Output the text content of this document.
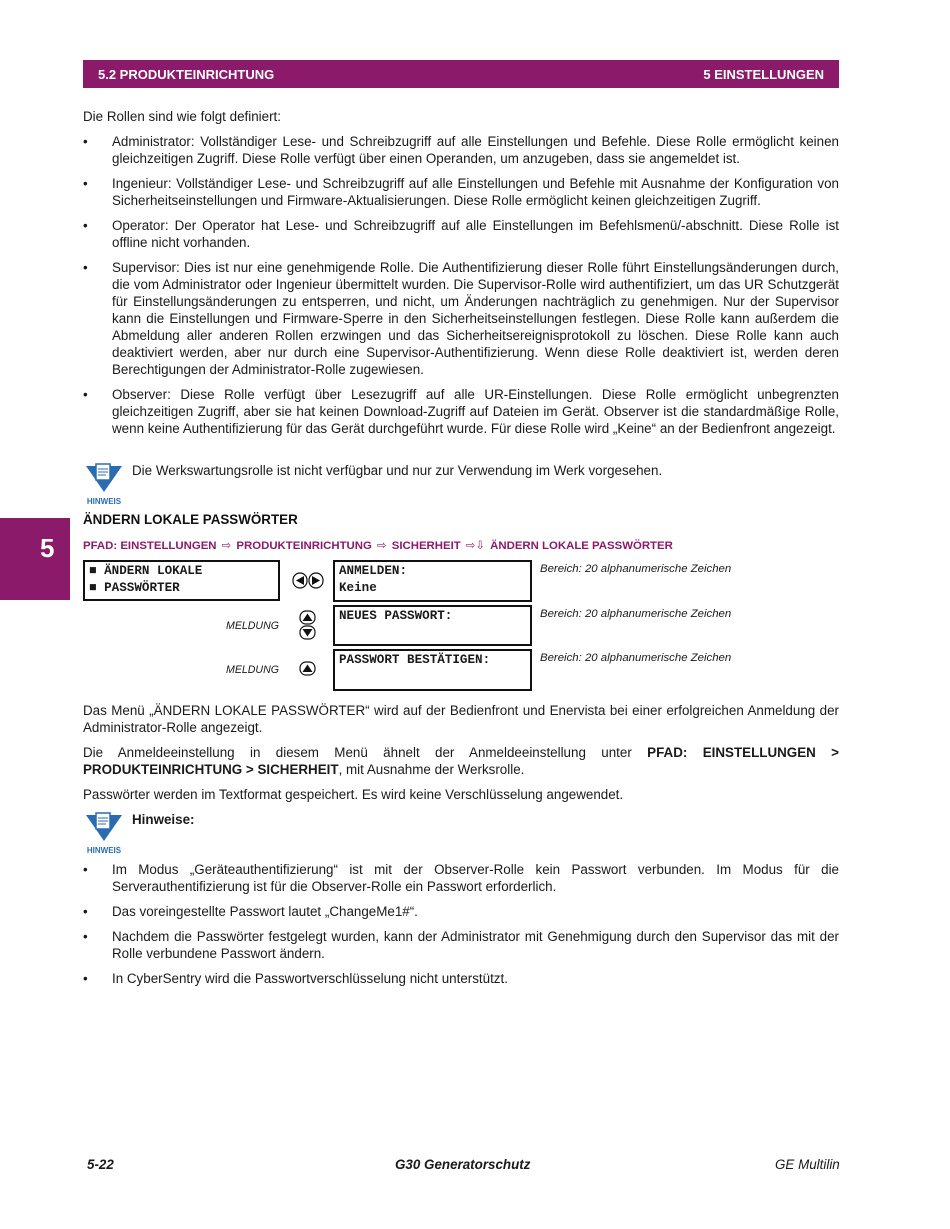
5.2 PRODUKTEINRICHTUNG	5 EINSTELLUNGEN
5
Die Rollen sind wie folgt definiert:
• Administrator: Vollständiger Lese- und Schreibzugriff auf alle Einstellungen und Befehle. Diese Rolle ermöglicht keinen gleichzeitigen Zugriff. Diese Rolle verfügt über einen Operanden, um anzugeben, dass sie angemeldet ist.
• Ingenieur: Vollständiger Lese- und Schreibzugriff auf alle Einstellungen und Befehle mit Ausnahme der Konfiguration von Sicherheitseinstellungen und Firmware-Aktualisierungen. Diese Rolle ermöglicht keinen gleichzeitigen Zugriff.
• Operator: Der Operator hat Lese- und Schreibzugriff auf alle Einstellungen im Befehlsmenü/-abschnitt. Diese Rolle ist offline nicht vorhanden.
• Supervisor: Dies ist nur eine genehmigende Rolle. Die Authentifizierung dieser Rolle führt Einstellungsänderungen durch, die vom Administrator oder Ingenieur übermittelt wurden. Die Supervisor-Rolle wird authentifiziert, um das UR Schutzgerät für Einstellungsänderungen zu entsperren, und nicht, um Änderungen nachträglich zu genehmigen. Nur der Supervisor kann die Einstellungen und Firmware-Sperre in den Sicherheitseinstellungen festlegen. Diese Rolle kann außerdem die Abmeldung aller anderen Rollen erzwingen und das Sicherheitsereignisprotokoll zu löschen. Diese Rolle kann auch deaktiviert werden, aber nur durch eine Supervisor-Authentifizierung. Wenn diese Rolle deaktiviert ist, werden deren Berechtigungen der Administrator-Rolle zugewiesen.
• Observer: Diese Rolle verfügt über Lesezugriff auf alle UR-Einstellungen. Diese Rolle ermöglicht unbegrenzten gleichzeitigen Zugriff, aber sie hat keinen Download-Zugriff auf Dateien im Gerät. Observer ist die standardmäßige Rolle, wenn keine Authentifizierung für das Gerät durchgeführt wurde. Für diese Rolle wird „Keine“ an der Bedienfront angezeigt.
HINWEIS
Die Werkswartungsrolle ist nicht verfügbar und nur zur Verwendung im Werk vorgesehen.
ÄNDERN LOKALE PASSWÖRTER
PFAD: EINSTELLUNGEN ⇨ PRODUKTEINRICHTUNG ⇨ SICHERHEIT ⇨⇩ ÄNDERN LOKALE PASSWÖRTER
■ ÄNDERN LOKALE
■ PASSWÖRTER
ANMELDEN:
Keine
Bereich: 20 alphanumerische Zeichen
MELDUNG
NEUES PASSWORT:	Bereich: 20 alphanumerische Zeichen
MELDUNG
PASSWORT BESTÄTIGEN:	Bereich: 20 alphanumerische Zeichen
Das Menü „ÄNDERN LOKALE PASSWÖRTER“ wird auf der Bedienfront und Enervista bei einer erfolgreichen Anmeldung der Administrator-Rolle angezeigt.
Die Anmeldeeinstellung in diesem Menü ähnelt der Anmeldeeinstellung unter PFAD: EINSTELLUNGEN > PRODUKTEINRICHTUNG > SICHERHEIT, mit Ausnahme der Werksrolle.
Passwörter werden im Textformat gespeichert. Es wird keine Verschlüsselung angewendet.
HINWEIS
Hinweise:
• Im Modus „Geräteauthentifizierung“ ist mit der Observer-Rolle kein Passwort verbunden. Im Modus für die Serverauthentifizierung ist für die Observer-Rolle ein Passwort erforderlich.
• Das voreingestellte Passwort lautet „ChangeMe1#“.
• Nachdem die Passwörter festgelegt wurden, kann der Administrator mit Genehmigung durch den Supervisor das mit der Rolle verbundene Passwort ändern.
• In CyberSentry wird die Passwortverschlüsselung nicht unterstützt.
5-22	G30 Generatorschutz	GE Multilin
